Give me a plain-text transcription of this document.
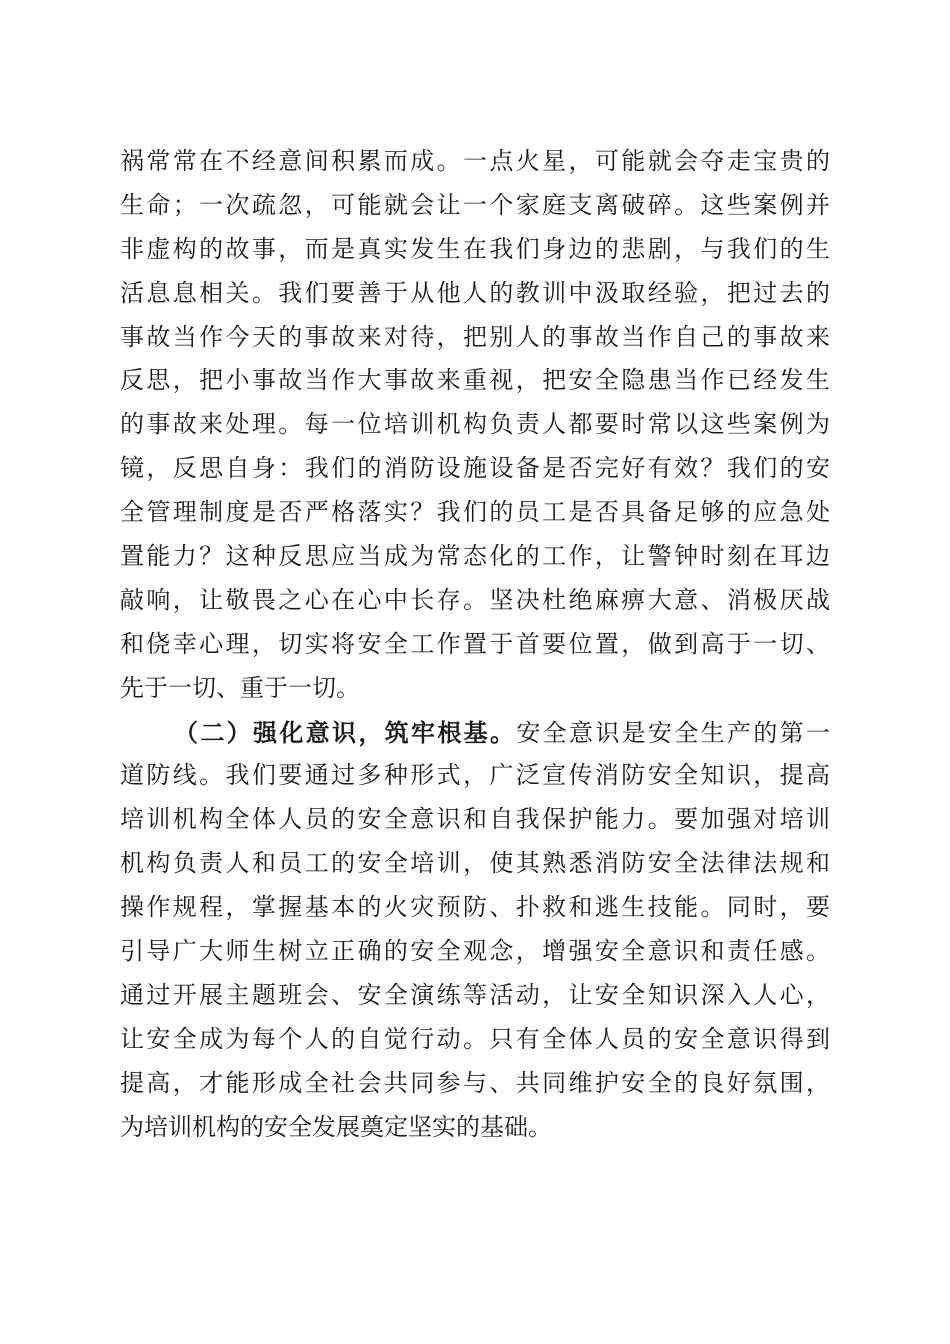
祸常常在不经意间积累而成。一点火星，可能就会夺走宝贵的
生命；一次疏忽，可能就会让一个家庭支离破碎。这些案例并
非虚构的故事，而是真实发生在我们身边的悲剧，与我们的生
活息息相关。我们要善于从他人的教训中汲取经验，把过去的
事故当作今天的事故来对待，把别人的事故当作自己的事故来
反思，把小事故当作大事故来重视，把安全隐患当作已经发生
的事故来处理。每一位培训机构负责人都要时常以这些案例为
镜，反思自身：我们的消防设施设备是否完好有效？我们的安
全管理制度是否严格落实？我们的员工是否具备足够的应急处
置能力？这种反思应当成为常态化的工作，让警钟时刻在耳边
敲响，让敬畏之心在心中长存。坚决杜绝麻痹大意、消极厌战
和侥幸心理，切实将安全工作置于首要位置，做到高于一切、
先于一切、重于一切。
（二）强化意识，筑牢根基。安全意识是安全生产的第一
道防线。我们要通过多种形式，广泛宣传消防安全知识，提高
培训机构全体人员的安全意识和自我保护能力。要加强对培训
机构负责人和员工的安全培训，使其熟悉消防安全法律法规和
操作规程，掌握基本的火灾预防、扑救和逃生技能。同时，要
引导广大师生树立正确的安全观念，增强安全意识和责任感。
通过开展主题班会、安全演练等活动，让安全知识深入人心，
让安全成为每个人的自觉行动。只有全体人员的安全意识得到
提高，才能形成全社会共同参与、共同维护安全的良好氛围，
为培训机构的安全发展奠定坚实的基础。
